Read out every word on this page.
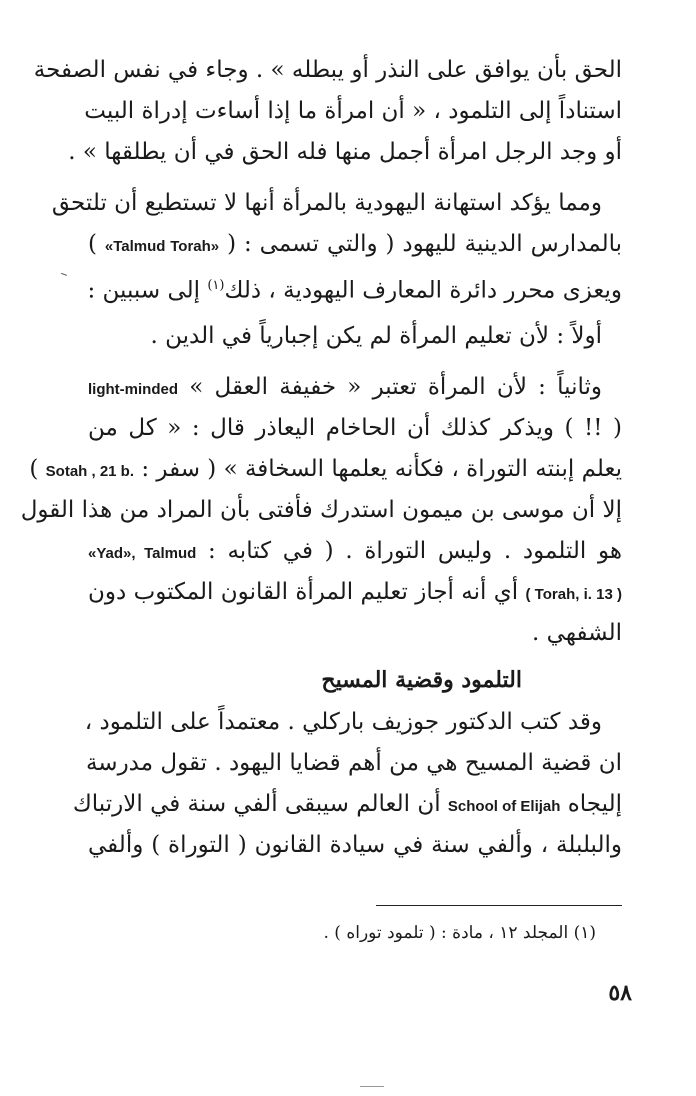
الحق بأن يوافق على النذر أو يبطله » . وجاء في نفس الصفحة
استناداً إلى التلمود ، « أن امرأة ما إذا أساءت إدراة البيت
أو وجد الرجل امرأة أجمل منها فله الحق في أن يطلقها » .
ومما يؤكد استهانة اليهودية بالمرأة أنها لا تستطيع أن تلتحق
بالمدارس الدينية لليهود ( والتي تسمى : ( «Talmud Torah» )
ويعزى محرر دائرة المعارف اليهودية ، ذلك$^{(١)}$ إلى سببين :
أولاً : لأن تعليم المرأة لم يكن إجبارياً في الدين .
وثانياً : لأن المرأة تعتبر « خفيفة العقل » light-minded
( !! ) ويذكر كذلك أن الحاخام اليعاذر قال : « كل من
يعلم إبنته التوراة ، فكأنه يعلمها السخافة » ( سفر : Sotah , 21 b. )
إلا أن موسى بن ميمون استدرك فأفتى بأن المراد من هذا القول
هو التلمود . وليس التوراة . ( في كتابه : «Yad», Talmud
( Torah, i. 13 ) أي أنه أجاز تعليم المرأة القانون المكتوب دون
الشفهي .
التلمود وقضية المسيح
وقد كتب الدكتور جوزيف باركلي . معتمداً على التلمود ،
ان قضية المسيح هي من أهم قضايا اليهود . تقول مدرسة
إليجاه School of Elijah أن العالم سيبقى ألفي سنة في الارتباك
والبلبلة ، وألفي سنة في سيادة القانون ( التوراة ) وألفي
(١) المجلد ١٢ ، مادة : ( تلمود توراه ) .
٥٨
